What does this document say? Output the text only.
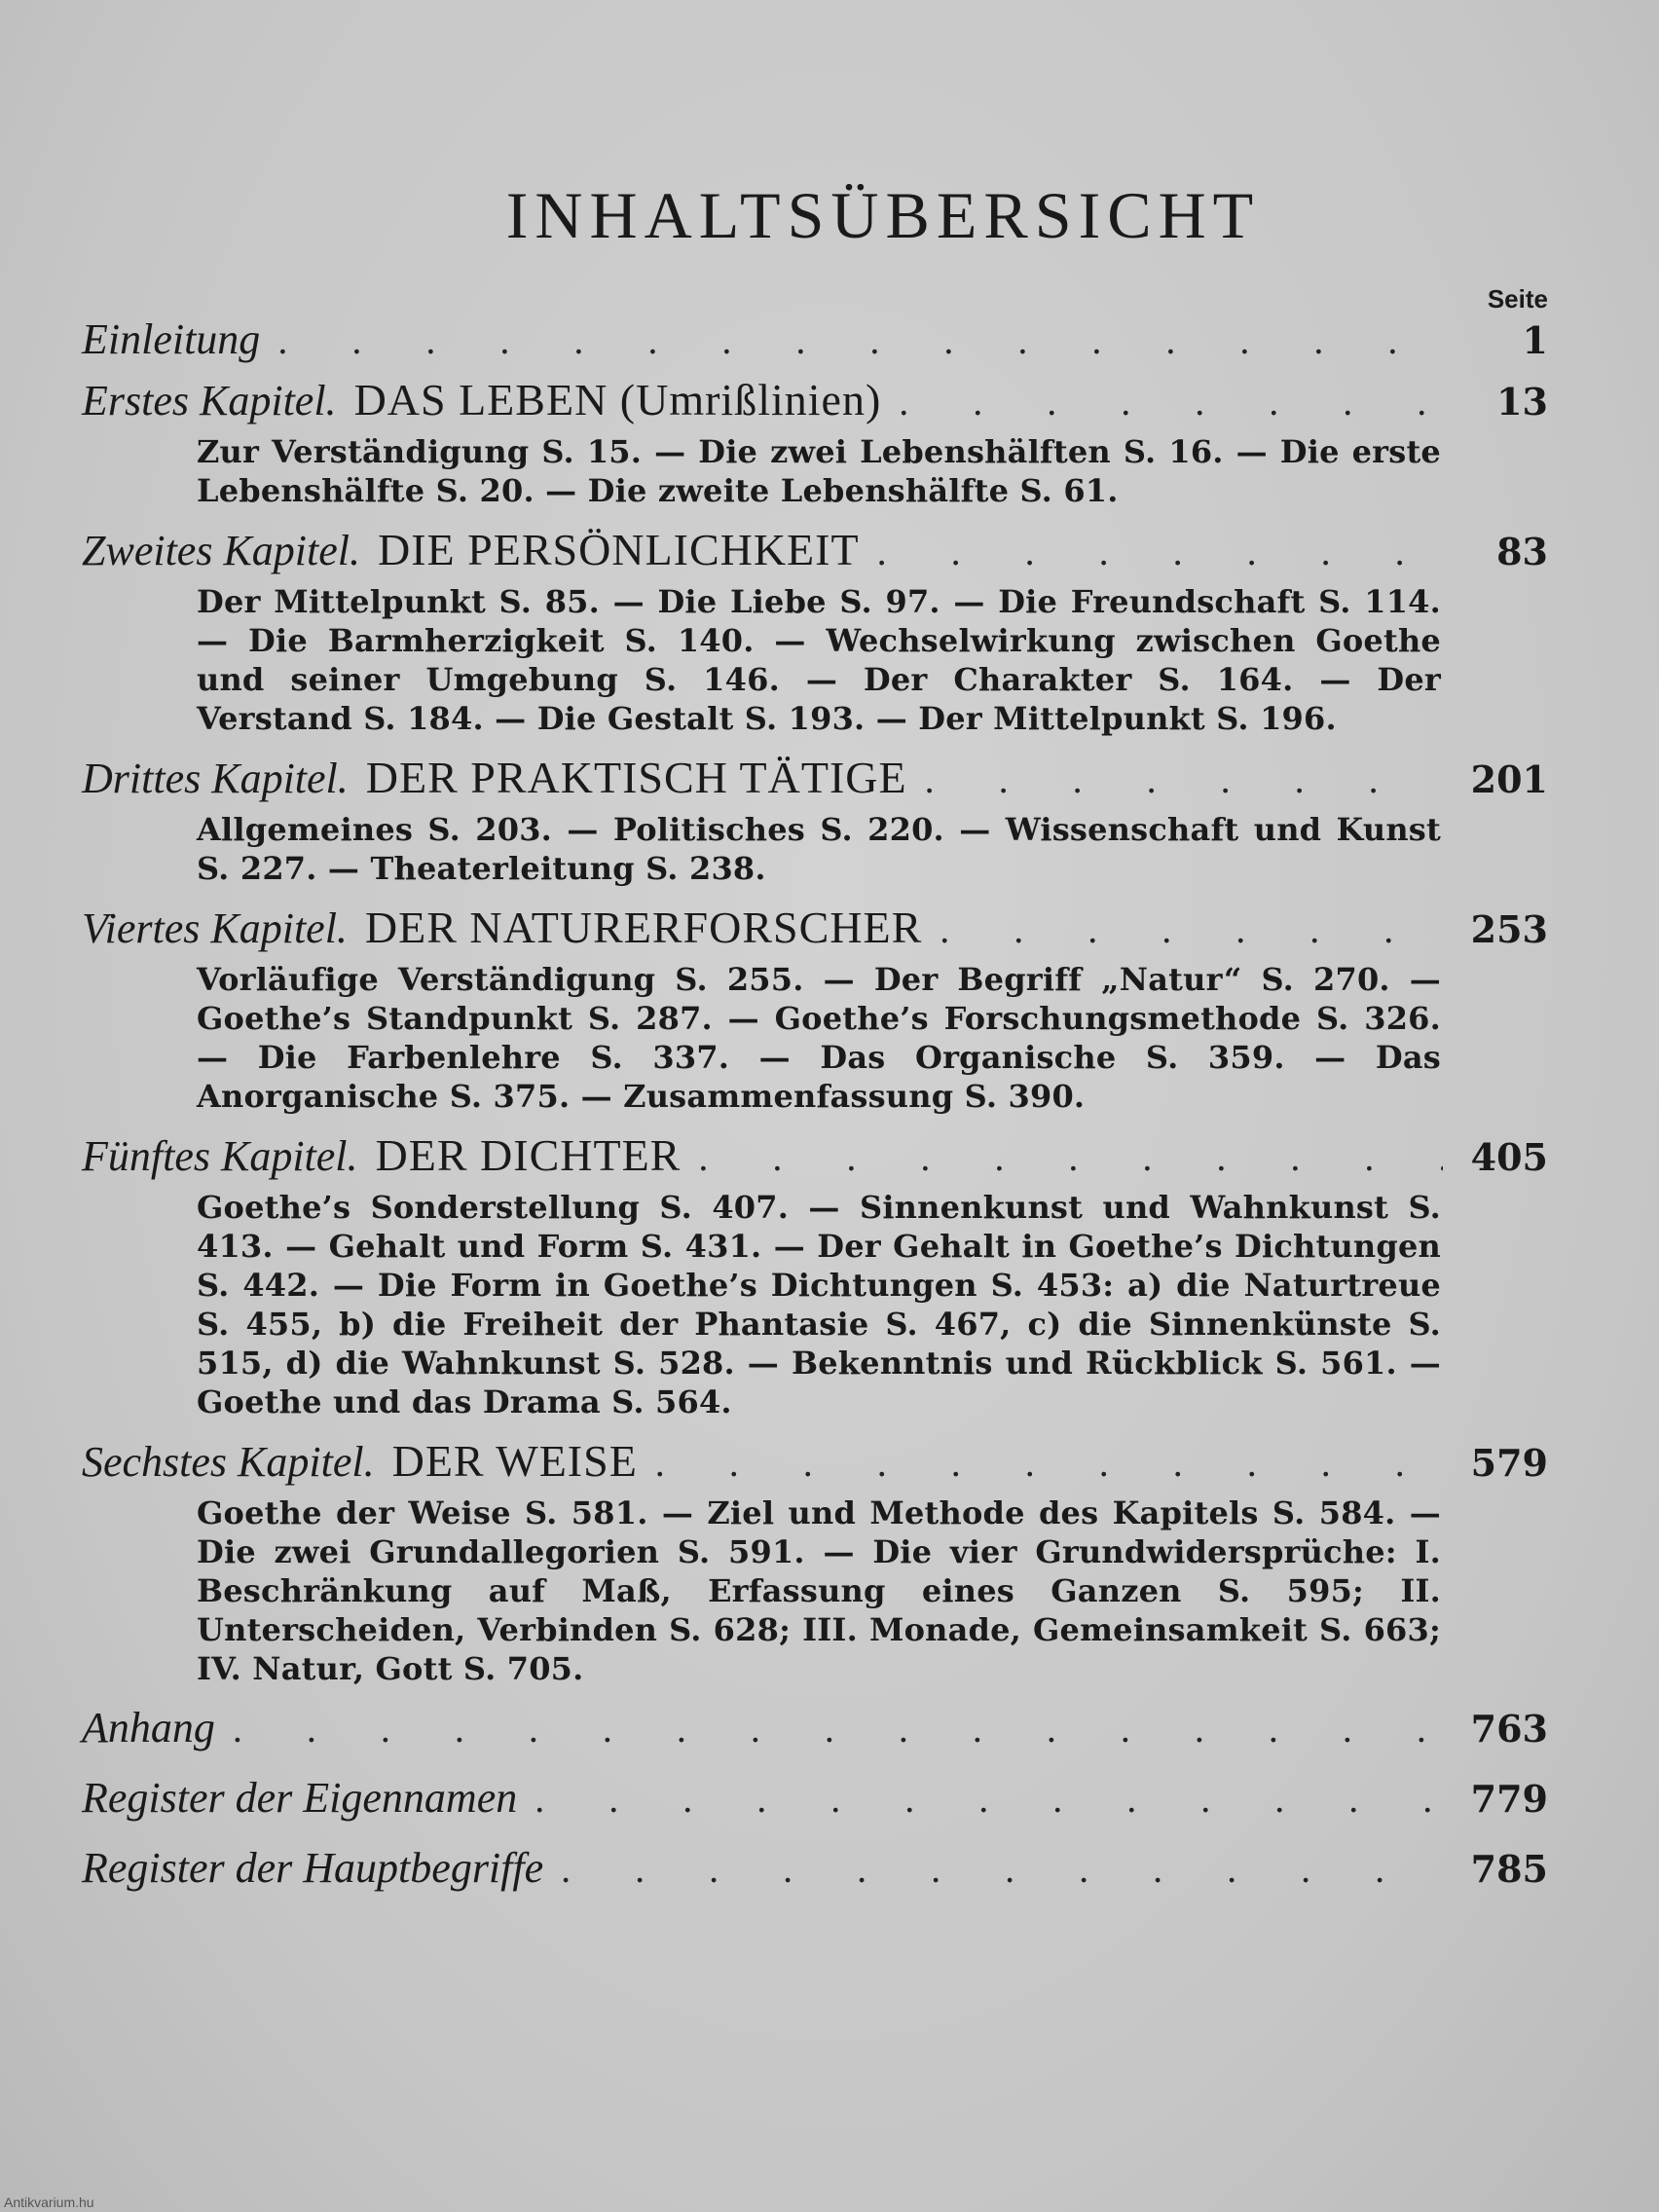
INHALTSÜBERSICHT
Seite
Einleitung . . .	1
Erstes Kapitel. DAS LEBEN (Umrißlinien) . . .	13
Zur Verständigung S. 15. — Die zwei Lebenshälften S. 16. — Die erste Lebenshälfte S. 20. — Die zweite Lebenshälfte S. 61.
Zweites Kapitel. DIE PERSÖNLICHKEIT . . .	83
Der Mittelpunkt S. 85. — Die Liebe S. 97. — Die Freundschaft S. 114. — Die Barmherzigkeit S. 140. — Wechselwirkung zwischen Goethe und seiner Umgebung S. 146. — Der Charakter S. 164. — Der Verstand S. 184. — Die Gestalt S. 193. — Der Mittelpunkt S. 196.
Drittes Kapitel. DER PRAKTISCH TÄTIGE . . .	201
Allgemeines S. 203. — Politisches S. 220. — Wissenschaft und Kunst S. 227. — Theaterleitung S. 238.
Viertes Kapitel. DER NATURERFORSCHER . . .	253
Vorläufige Verständigung S. 255. — Der Begriff „Natur“ S. 270. — Goethe’s Standpunkt S. 287. — Goethe’s Forschungsmethode S. 326. — Die Farbenlehre S. 337. — Das Organische S. 359. — Das Anorganische S. 375. — Zusammenfassung S. 390.
Fünftes Kapitel. DER DICHTER . . .	405
Goethe’s Sonderstellung S. 407. — Sinnenkunst und Wahnkunst S. 413. — Gehalt und Form S. 431. — Der Gehalt in Goethe’s Dichtungen S. 442. — Die Form in Goethe’s Dichtungen S. 453: a) die Naturtreue S. 455, b) die Freiheit der Phantasie S. 467, c) die Sinnenkünste S. 515, d) die Wahnkunst S. 528. — Bekenntnis und Rückblick S. 561. — Goethe und das Drama S. 564.
Sechstes Kapitel. DER WEISE . . .	579
Goethe der Weise S. 581. — Ziel und Methode des Kapitels S. 584. — Die zwei Grundallegorien S. 591. — Die vier Grundwidersprüche: I. Beschränkung auf Maß, Erfassung eines Ganzen S. 595; II. Unterscheiden, Verbinden S. 628; III. Monade, Gemeinsamkeit S. 663; IV. Natur, Gott S. 705.
Anhang . . .	763
Register der Eigennamen . . .	779
Register der Hauptbegriffe . . .	785
Antikvarium.hu
